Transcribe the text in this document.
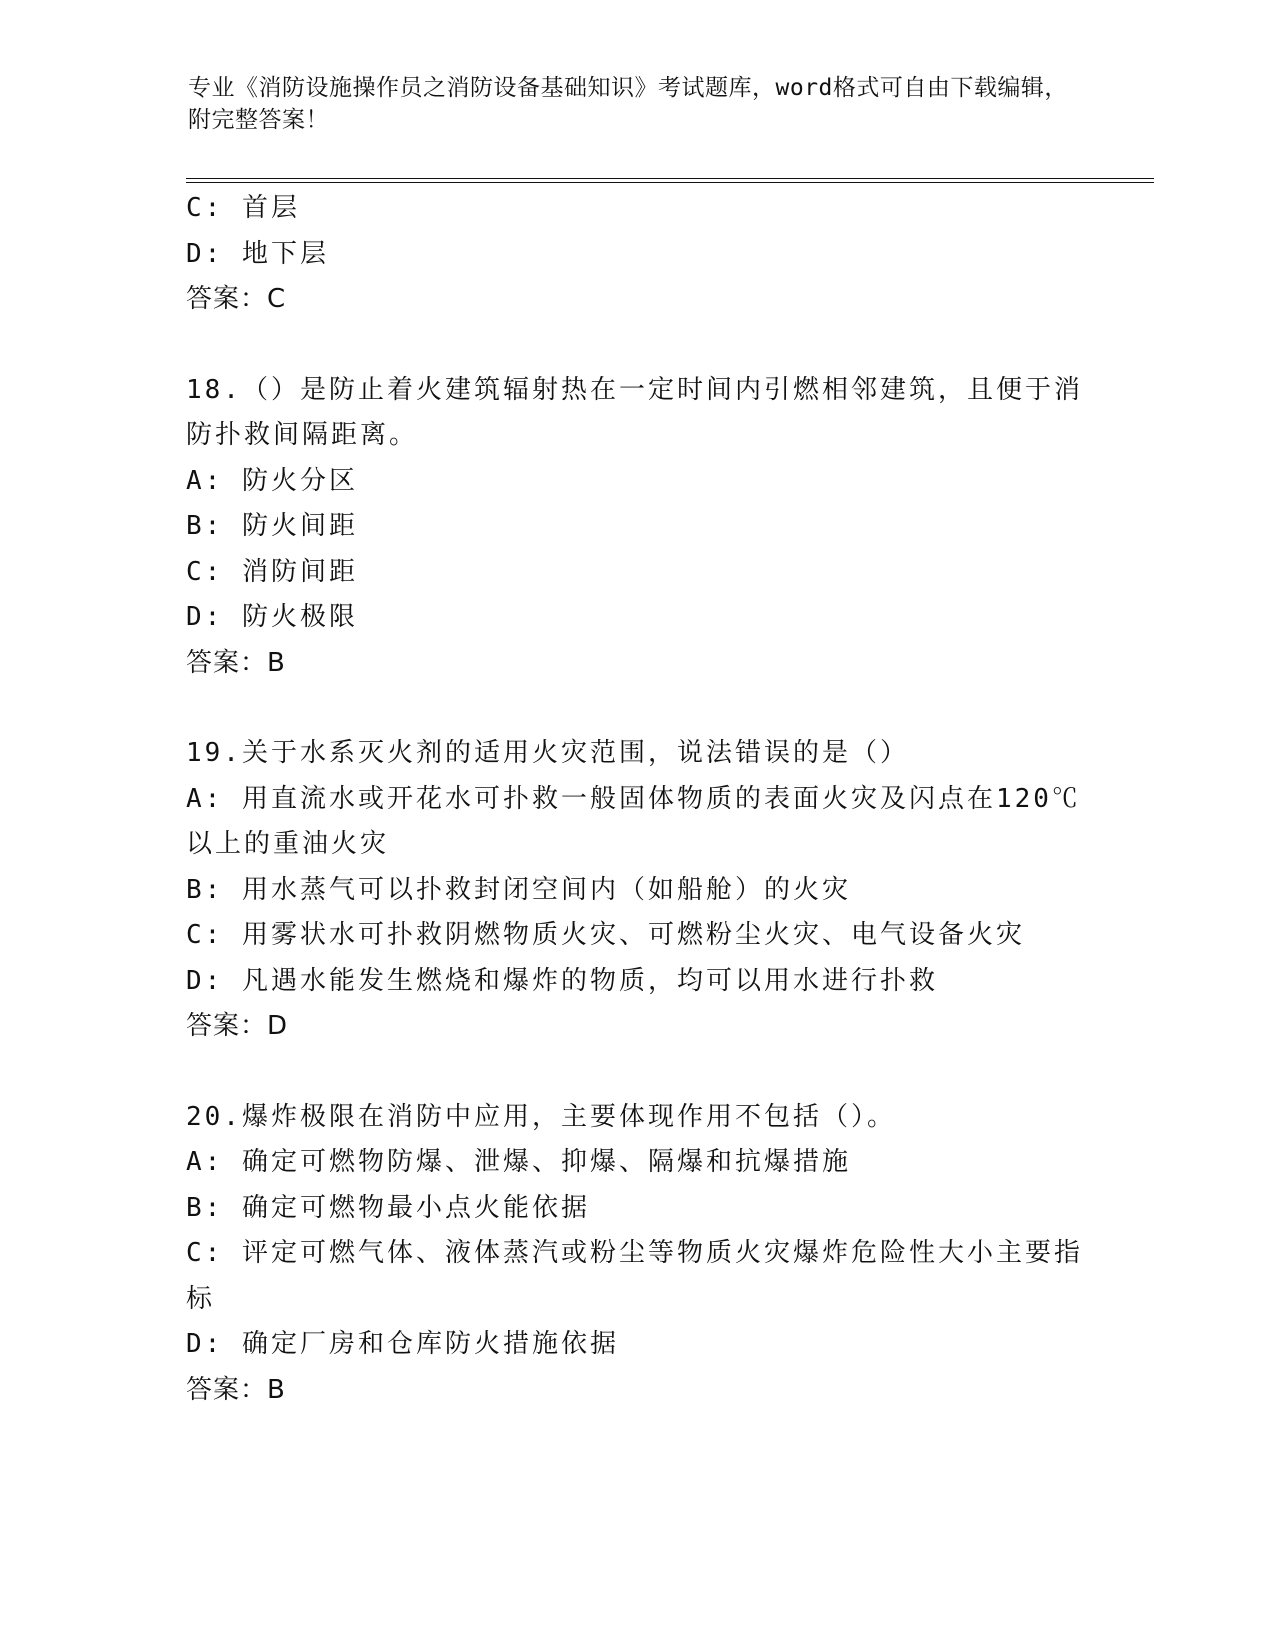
专业《消防设施操作员之消防设备基础知识》考试题库，word格式可自由下载编辑，附完整答案！

C: 首层

D: 地下层

答案：C

18.（）是防止着火建筑辐射热在一定时间内引燃相邻建筑，且便于消防扑救间隔距离。

A: 防火分区

B: 防火间距

C: 消防间距

D: 防火极限

答案：B

19.关于水系灭火剂的适用火灾范围，说法错误的是（）

A: 用直流水或开花水可扑救一般固体物质的表面火灾及闪点在120℃以上的重油火灾

B: 用水蒸气可以扑救封闭空间内（如船舱）的火灾

C: 用雾状水可扑救阴燃物质火灾、可燃粉尘火灾、电气设备火灾

D: 凡遇水能发生燃烧和爆炸的物质，均可以用水进行扑救

答案：D

20.爆炸极限在消防中应用，主要体现作用不包括（）。

A: 确定可燃物防爆、泄爆、抑爆、隔爆和抗爆措施

B: 确定可燃物最小点火能依据

C: 评定可燃气体、液体蒸汽或粉尘等物质火灾爆炸危险性大小主要指标

D: 确定厂房和仓库防火措施依据

答案：B
